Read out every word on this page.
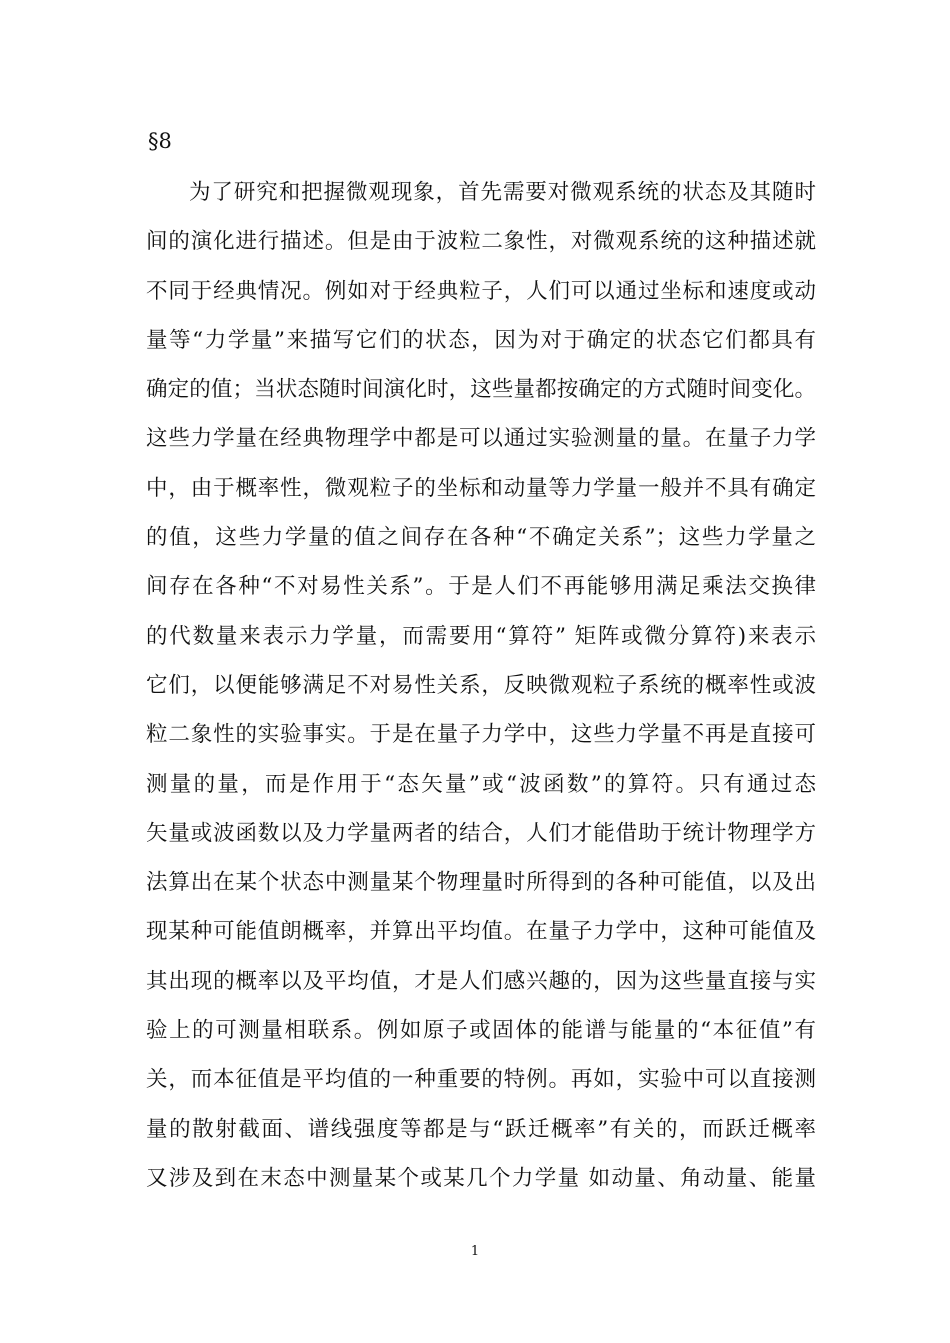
§8
为了研究和把握微观现象，首先需要对微观系统的状态及其随时
间的演化进行描述。但是由于波粒二象性，对微观系统的这种描述就
不同于经典情况。例如对于经典粒子，人们可以通过坐标和速度或动
量等“力学量”来描写它们的状态，因为对于确定的状态它们都具有
确定的值；当状态随时间演化时，这些量都按确定的方式随时间变化。
这些力学量在经典物理学中都是可以通过实验测量的量。在量子力学
中，由于概率性，微观粒子的坐标和动量等力学量一般并不具有确定
的值，这些力学量的值之间存在各种“不确定关系”；这些力学量之
间存在各种“不对易性关系”。于是人们不再能够用满足乘法交换律
的代数量来表示力学量，而需要用“算符” 矩阵或微分算符)来表示
它们，以便能够满足不对易性关系，反映微观粒子系统的概率性或波
粒二象性的实验事实。于是在量子力学中，这些力学量不再是直接可
测量的量，而是作用于“态矢量”或“波函数”的算符。只有通过态
矢量或波函数以及力学量两者的结合，人们才能借助于统计物理学方
法算出在某个状态中测量某个物理量时所得到的各种可能值，以及出
现某种可能值朗概率，并算出平均值。在量子力学中，这种可能值及
其出现的概率以及平均值，才是人们感兴趣的，因为这些量直接与实
验上的可测量相联系。例如原子或固体的能谱与能量的“本征值”有
关，而本征值是平均值的一种重要的特例。再如，实验中可以直接测
量的散射截面、谱线强度等都是与“跃迁概率”有关的，而跃迁概率
又涉及到在末态中测量某个或某几个力学量 如动量、角动量、能量
1
